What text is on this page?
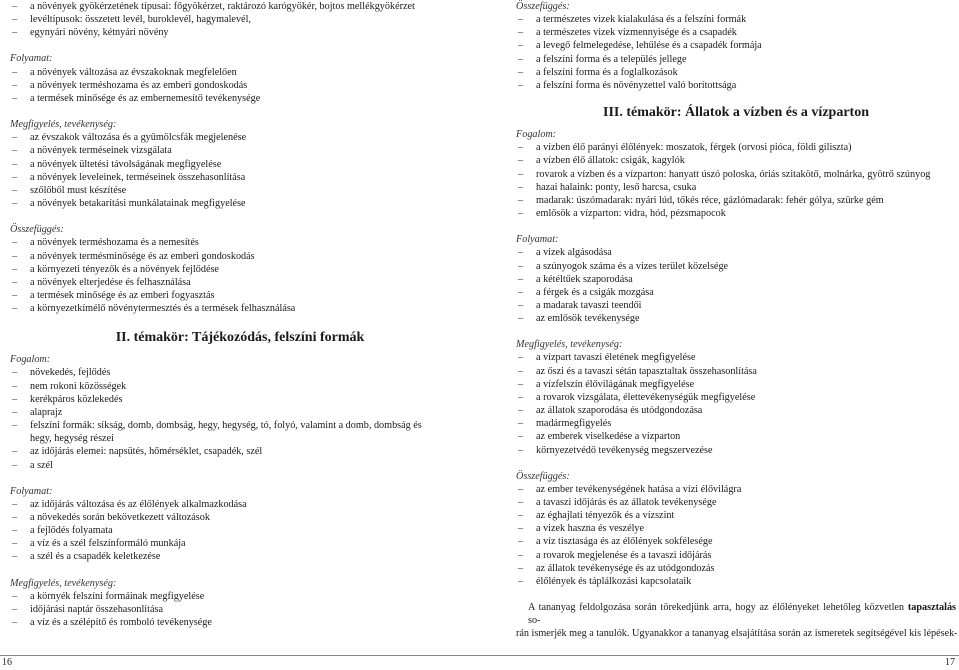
– a növények gyökérzetének típusai: főgyökérzet, raktározó karógyökér, bojtos mellékgyökérzet
– levéltípusok: összetett levél, buroklevél, hagymalevél,
– egynyári növény, kétnyári növény
Folyamat:
– a növények változása az évszakoknak megfelelően
– a növények terméshozama és az emberi gondoskodás
– a termések minősége és az embernemesítő tevékenysége
Megfigyelés, tevékenység:
– az évszakok változása és a gyümölcsfák megjelenése
– a növények terméseinek vizsgálata
– a növények ültetési távolságának megfigyelése
– a növények leveleinek, terméseinek összehasonlítása
– szőlőből must készítése
– a növények betakarítási munkálatainak megfigyelése
Összefüggés:
– a növények terméshozama és a nemesítés
– a növények termésminősége és az emberi gondoskodás
– a környezeti tényezők és a növények fejlődése
– a növények elterjedése és felhasználása
– a termések minősége és az emberi fogyasztás
– a környezetkímélő növénytermesztés és a termések felhasználása
II. témakör: Tájékozódás, felszíni formák
Fogalom:
– növekedés, fejlődés
– nem rokoni közösségek
– kerékpáros közlekedés
– alaprajz
– felszíni formák: síkság, domb, dombság, hegy, hegység, tó, folyó, valamint a domb, dombság és
hegy, hegység részei
– az időjárás elemei: napsütés, hőmérséklet, csapadék, szél
– a szél
Folyamat:
– az időjárás változása és az élőlények alkalmazkodása
– a növekedés során bekövetkezett változások
– a fejlődés folyamata
– a víz és a szél felszínformáló munkája
– a szél és a csapadék keletkezése
Megfigyelés, tevékenység:
– a környék felszíni formáinak megfigyelése
– időjárási naptár összehasonlítása
– a víz és a szélépítő és romboló tevékenysége
Összefüggés:
– a természetes vizek kialakulása és a felszíni formák
– a természetes vizek vízmennyisége és a csapadék
– a levegő felmelegedése, lehűlése és a csapadék formája
– a felszíni forma és a település jellege
– a felszíni forma és a foglalkozások
– a felszíni forma és növényzettel való borítottsága
III. témakör: Állatok a vízben és a vízparton
Fogalom:
– a vízben élő parányi élőlények: moszatok, férgek (orvosi pióca, földi giliszta)
– a vízben élő állatok: csigák, kagylók
– rovarok a vízben és a vízparton: hanyatt úszó poloska, óriás szitakötő, molnárka, gyötrő szúnyog
– hazai halaink: ponty, leső harcsa, csuka
– madarak: úszómadarak: nyári lúd, tőkés réce, gázlómadarak: fehér gólya, szürke gém
– emlősök a vízparton: vidra, hód, pézsmapocok
Folyamat:
– a vizek algásodása
– a szúnyogok száma és a vizes terület közelsége
– a kétéltűek szaporodása
– a férgek és a csigák mozgása
– a madarak tavaszi teendői
– az emlősök tevékenysége
Megfigyelés, tevékenység:
– a vízpart tavaszi életének megfigyelése
– az őszi és a tavaszi sétán tapasztaltak összehasonlítása
– a vízfelszín élővilágának megfigyelése
– a rovarok vizsgálata, élettevékenységük megfigyelése
– az állatok szaporodása és utódgondozása
– madármegfigyelés
– az emberek viselkedése a vízparton
– környezetvédő tevékenység megszervezése
Összefüggés:
– az ember tevékenységének hatása a vízi élővilágra
– a tavaszi időjárás és az állatok tevékenysége
– az éghajlati tényezők és a vízszint
– a vizek haszna és veszélye
– a víz tisztasága és az élőlények sokfélesége
– a rovarok megjelenése és a tavaszi időjárás
– az állatok tevékenysége és az utódgondozás
– élőlények és táplálkozási kapcsolataik
A tananyag feldolgozása során törekedjünk arra, hogy az élőlényeket lehetőleg közvetlen tapasztalás so-
rán ismerjék meg a tanulók. Ugyanakkor a tananyag elsajátítása során az ismeretek segítségével kis lépések-
16	17
